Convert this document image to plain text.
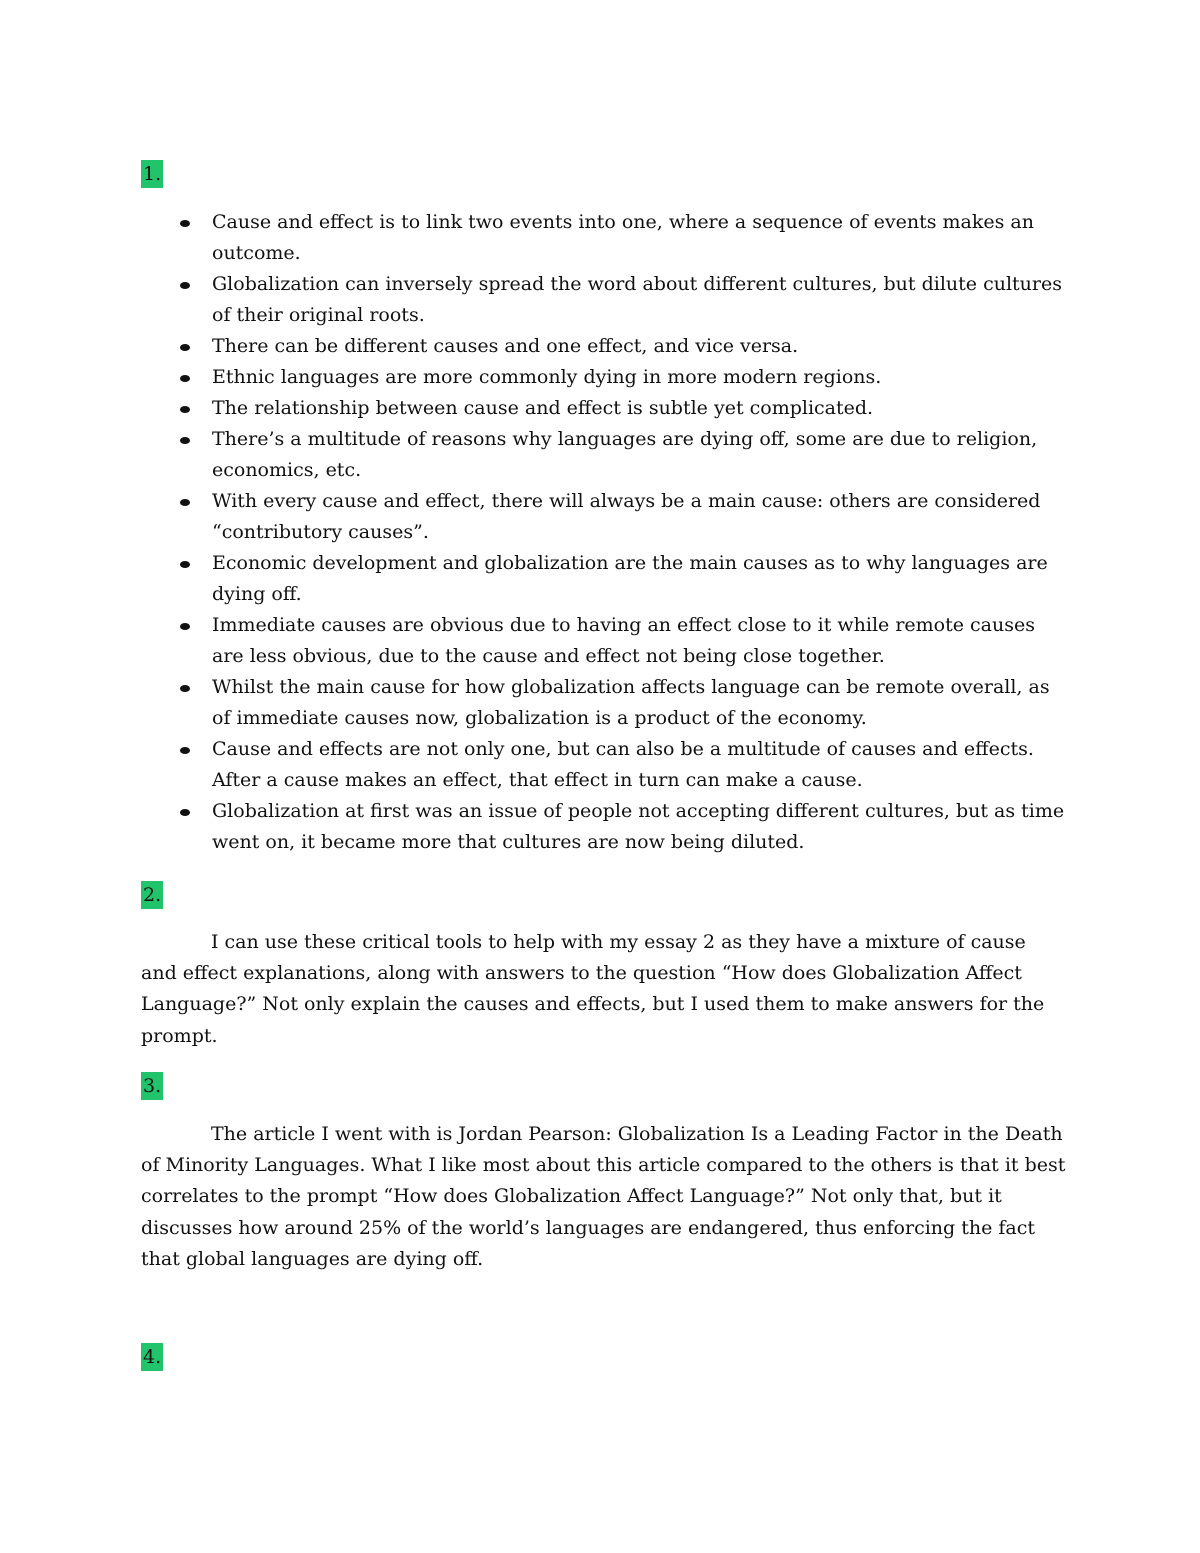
1.
Cause and effect is to link two events into one, where a sequence of events makes an outcome.
Globalization can inversely spread the word about different cultures, but dilute cultures of their original roots.
There can be different causes and one effect, and vice versa.
Ethnic languages are more commonly dying in more modern regions.
The relationship between cause and effect is subtle yet complicated.
There’s a multitude of reasons why languages are dying off, some are due to religion, economics, etc.
With every cause and effect, there will always be a main cause: others are considered “contributory causes”.
Economic development and globalization are the main causes as to why languages are dying off.
Immediate causes are obvious due to having an effect close to it while remote causes are less obvious, due to the cause and effect not being close together.
Whilst the main cause for how globalization affects language can be remote overall, as of immediate causes now, globalization is a product of the economy.
Cause and effects are not only one, but can also be a multitude of causes and effects. After a cause makes an effect, that effect in turn can make a cause.
Globalization at first was an issue of people not accepting different cultures, but as time went on, it became more that cultures are now being diluted.
2.

I can use these critical tools to help with my essay 2 as they have a mixture of cause and effect explanations, along with answers to the question “How does Globalization Affect Language?” Not only explain the causes and effects, but I used them to make answers for the prompt.

3.

The article I went with is Jordan Pearson: Globalization Is a Leading Factor in the Death of Minority Languages. What I like most about this article compared to the others is that it best correlates to the prompt “How does Globalization Affect Language?” Not only that, but it discusses how around 25% of the world’s languages are endangered, thus enforcing the fact that global languages are dying off.

4.
